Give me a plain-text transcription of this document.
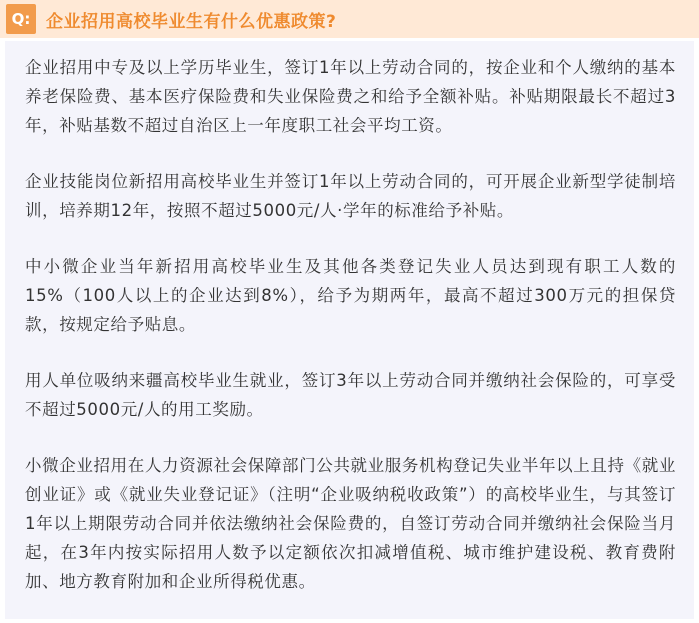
Q: 企业招用高校毕业生有什么优惠政策?

企业招用中专及以上学历毕业生，签订1年以上劳动合同的，按企业和个人缴纳的基本养老保险费、基本医疗保险费和失业保险费之和给予全额补贴。补贴期限最长不超过3年，补贴基数不超过自治区上一年度职工社会平均工资。

企业技能岗位新招用高校毕业生并签订1年以上劳动合同的，可开展企业新型学徒制培训，培养期12年，按照不超过5000元/人·学年的标准给予补贴。

中小微企业当年新招用高校毕业生及其他各类登记失业人员达到现有职工人数的15%（100人以上的企业达到8%），给予为期两年，最高不超过300万元的担保贷款，按规定给予贴息。

用人单位吸纳来疆高校毕业生就业，签订3年以上劳动合同并缴纳社会保险的，可享受不超过5000元/人的用工奖励。

小微企业招用在人力资源社会保障部门公共就业服务机构登记失业半年以上且持《就业创业证》或《就业失业登记证》（注明“企业吸纳税收政策”）的高校毕业生，与其签订1年以上期限劳动合同并依法缴纳社会保险费的，自签订劳动合同并缴纳社会保险当月起，在3年内按实际招用人数予以定额依次扣减增值税、城市维护建设税、教育费附加、地方教育附加和企业所得税优惠。
